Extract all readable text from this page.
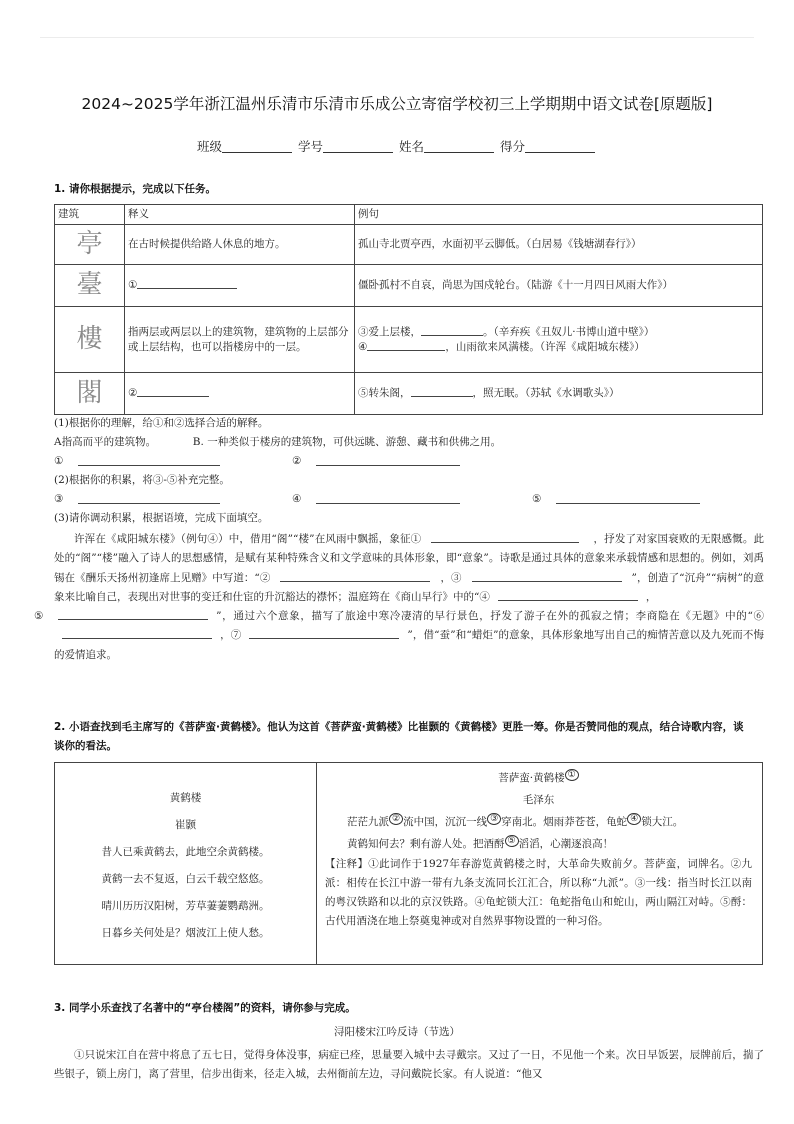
2024~2025学年浙江温州乐清市乐清市乐成公立寄宿学校初三上学期期中语文试卷[原题版]
班级	学号	姓名	得分
1. 请你根据提示，完成以下任务。
建筑	释义	例句

亭	在古时候提供给路人休息的地方。	孤山寺北贾亭西，水面初平云脚低。（白居易《钱塘湖春行》）

臺	①	僵卧孤村不自哀，尚思为国戍轮台。（陆游《十一月四日风雨大作》）

樓	指两层或两层以上的建筑物，建筑物的上层部分或上层结构，也可以指楼房中的一层。	③爱上层楼， 。（辛弃疾《丑奴儿·书博山道中壁》）
④ ，山雨欲来风满楼。（许浑《咸阳城东楼》）

閣	②	⑤转朱阁， ，照无眠。（苏轼《水调歌头》）
(1)根据你的理解，给①和②选择合适的解释。
A指高而平的建筑物。           B. 一种类似于楼房的建筑物，可供远眺、游憩、藏书和供佛之用。
①	②
(2)根据你的积累，将③-⑤补充完整。
③	④	⑤
(3)请你调动积累，根据语境，完成下面填空。
许浑在《咸阳城东楼》（例句④）中，借用“阁”“楼”在风雨中飘摇，象征①	，抒发了对家国衰败的无限感慨。此处的“阁”“楼”融入了诗人的思想感情，是赋有某种特殊含义和文学意味的具体形象，即“意象”。诗歌是通过具体的意象来承载情感和思想的。例如，刘禹锡在《酬乐天扬州初逢席上见赠》中写道：“②	，③	”，创造了“沉舟”“病树”的意象来比喻自己，表现出对世事的变迁和仕宦的升沉豁达的襟怀；温庭筠在《商山早行》中的“④	，
⑤	”，通过六个意象，描写了旅途中寒冷凄清的早行景色，抒发了游子在外的孤寂之情；李商隐在《无题》中的“⑥，⑦	”，借“蚕”和“蜡炬”的意象，具体形象地写出自己的痴情苦意以及九死而不悔的爱情追求。
2. 小语查找到毛主席写的《菩萨蛮·黄鹤楼》。他认为这首《菩萨蛮·黄鹤楼》比崔颢的《黄鹤楼》更胜一筹。你是否赞同他的观点，结合诗歌内容，谈谈你的看法。
黄鹤楼
崔颢
昔人已乘黄鹤去，此地空余黄鹤楼。
黄鹤一去不复返，白云千载空悠悠。
晴川历历汉阳树，芳草萋萋鹦鹉洲。
日暮乡关何处是？烟波江上使人愁。

菩萨蛮·黄鹤楼 ①
毛泽东
茫茫九派 ② 流中国，沉沉一线 ③ 穿南北。烟雨莽苍苍，龟蛇 ④ 锁大江。
黄鹤知何去？剩有游人处。把酒酹 ⑤ 滔滔，心潮逐浪高！
【注释】①此词作于1927年春游览黄鹤楼之时，大革命失败前夕。菩萨蛮，词牌名。②九派：相传在长江中游一带有九条支流同长江汇合，所以称“九派”。③一线：指当时长江以南的粤汉铁路和以北的京汉铁路。④龟蛇锁大江：龟蛇指龟山和蛇山，两山隔江对峙。⑤酹：古代用酒浇在地上祭奠鬼神或对自然界事物设置的一种习俗。
3. 同学小乐查找了名著中的“亭台楼阁”的资料，请你参与完成。
浔阳楼宋江吟反诗（节选）
①只说宋江自在营中将息了五七日，觉得身体没事，病症已痊，思量要入城中去寻戴宗。又过了一日，不见他一个来。次日早饭罢，辰牌前后，揣了些银子，锁上房门，离了营里，信步出街来，径走入城，去州衙前左边，寻问戴院长家。有人说道：“他又
